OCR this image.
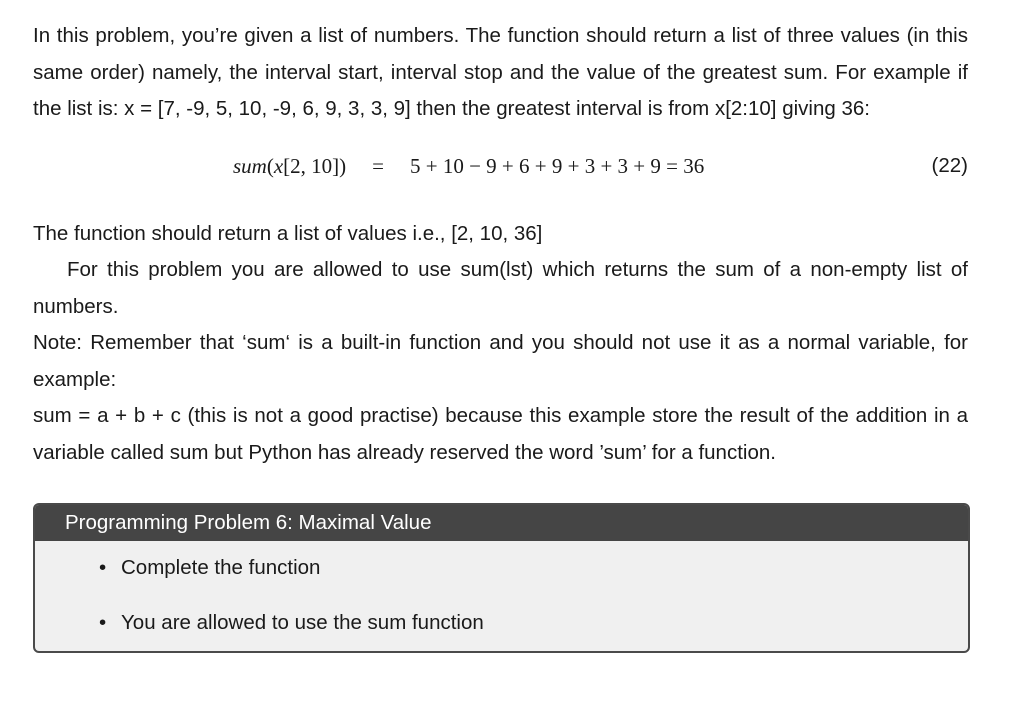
In this problem, you’re given a list of numbers. The function should return a list of three values (in this same order) namely, the interval start, interval stop and the value of the greatest sum. For example if the list is: x = [7, -9, 5, 10, -9, 6, 9, 3, 3, 9] then the greatest interval is from x[2:10] giving 36:

sum(x[2, 10]) = 5 + 10 − 9 + 6 + 9 + 3 + 3 + 9 = 36	(22)

The function should return a list of values i.e., [2, 10, 36]

For this problem you are allowed to use sum(lst) which returns the sum of a non-empty list of numbers.

Note: Remember that ‘sum‘ is a built-in function and you should not use it as a normal variable, for example:

sum = a + b + c (this is not a good practise) because this example store the result of the addition in a variable called sum but Python has already reserved the word ’sum’ for a function.

Programming Problem 6: Maximal Value
• Complete the function
• You are allowed to use the sum function
